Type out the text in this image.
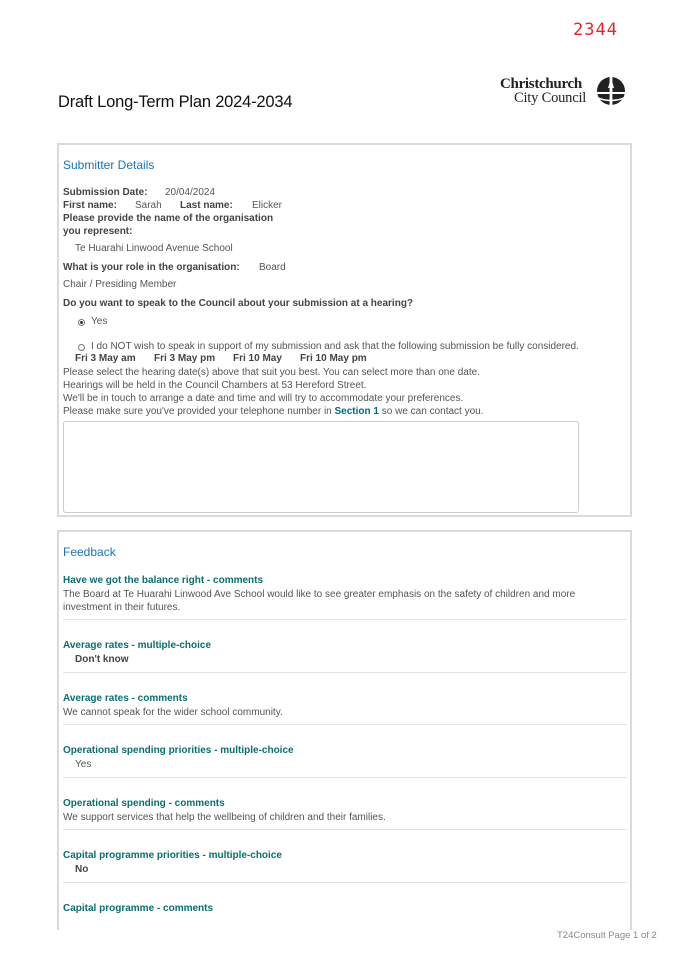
2344
Draft Long-Term Plan 2024-2034
Christchurch
City Council
Submitter Details
Submission Date: 20/04/2024
First name: Sarah Last name: Elicker
Please provide the name of the organisation
you represent:
Te Huarahi Linwood Avenue School
What is your role in the organisation: Board
Chair / Presiding Member
Do you want to speak to the Council about your submission at a hearing?
Yes
I do NOT wish to speak in support of my submission and ask that the following submission be fully considered.
Fri 3 May am Fri 3 May pm Fri 10 May Fri 10 May pm
Please select the hearing date(s) above that suit you best. You can select more than one date.
Hearings will be held in the Council Chambers at 53 Hereford Street.
We'll be in touch to arrange a date and time and will try to accommodate your preferences.
Please make sure you've provided your telephone number in Section 1 so we can contact you.
Feedback
Have we got the balance right - comments
The Board at Te Huarahi Linwood Ave School would like to see greater emphasis on the safety of children and more investment in their futures.
Average rates - multiple-choice
Don't know
Average rates - comments
We cannot speak for the wider school community.
Operational spending priorities - multiple-choice
Yes
Operational spending - comments
We support services that help the wellbeing of children and their families.
Capital programme priorities - multiple-choice
No
Capital programme - comments
T24Consult Page 1 of 2
